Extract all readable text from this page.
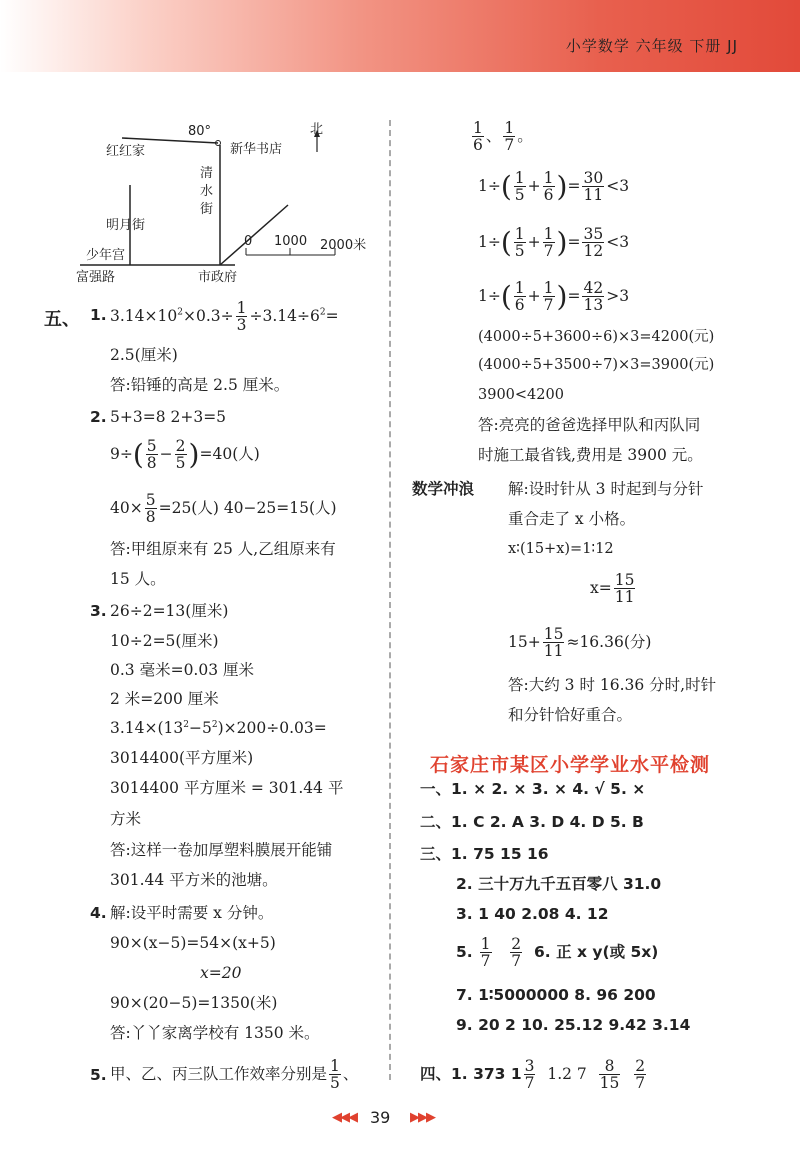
小学数学 六年级 下册 JJ
80°
红红家	新华书店
北
清
水
街
明月街
少年宫
富强路	市政府
0 1000 2000米
五、 1. $3.14\times 10^2\times 0.3\div \frac{1}{3} \div 3.14\div 6^2=$
2.5(厘米)
答:铅锤的高是 2.5 厘米。
2. 5+3=8 2+3=5
$9\div( \frac{5}{8} - \frac{2}{5} )=40$(人)
$40\times \frac{5}{8} =25$(人) 40−25=15(人)
答:甲组原来有 25 人,乙组原来有
15 人。
3. 26÷2=13(厘米)
10÷2=5(厘米)
0.3 毫米=0.03 厘米
2 米=200 厘米
$3.14\times(13^2-5^2)\times 200\div 0.03=$
3014400(平方厘米)
3014400 平方厘米 = 301.44 平
方米
答:这样一卷加厚塑料膜展开能铺
301.44 平方米的池塘。
4. 解:设平时需要 x 分钟。
90×(x−5)=54×(x+5)
x=20
90×(20−5)=1350(米)
答:丫丫家离学校有 1350 米。
5. 甲、乙、丙三队工作效率分别是 $\frac{1}{5}$ 、
$\frac{1}{6}$ 、 $\frac{1}{7}$ 。
$1\div( \frac{1}{5} + \frac{1}{6}$ )= $\frac{30}{11} <3$
$1\div( \frac{1}{5} + \frac{1}{7}$ )= $\frac{35}{12} <3$
$1\div( \frac{1}{6} + \frac{1}{7}$ )= $\frac{42}{13} >3$
(4000÷5+3600÷6)×3=4200(元)
(4000÷5+3500÷7)×3=3900(元)
3900<4200
答:亮亮的爸爸选择甲队和丙队同
时施工最省钱,费用是 3900 元。
数学冲浪 解:设时针从 3 时起到与分针
重合走了 x 小格。
x∶(15+x)=1∶12
$x= \frac{15}{11}$
$15+ \frac{15}{11} \approx 16.36$(分)
答:大约 3 时 16.36 分时,时针
和分针恰好重合。
石家庄市某区小学学业水平检测
一、1. × 2. × 3. × 4. √ 5. ×
二、1. C 2. A 3. D 4. D 5. B
三、1. 75 15 16
2. 三十万九千五百零八 31.0
3. 1 40 2.08 4. 12
5. $\frac{1}{7}$
$\frac{2}{7} 6$. 正 x y(或 5x)
7. 1∶5000000 8. 96 200
9. 20 2 10. 25.12 9.42 3.14
四、1. 373 $1 \frac{3}{7} 1.2$ $7 \frac{8}{15}$
$\frac{2}{7}$
◀◀◀ 39 ▶▶▶
